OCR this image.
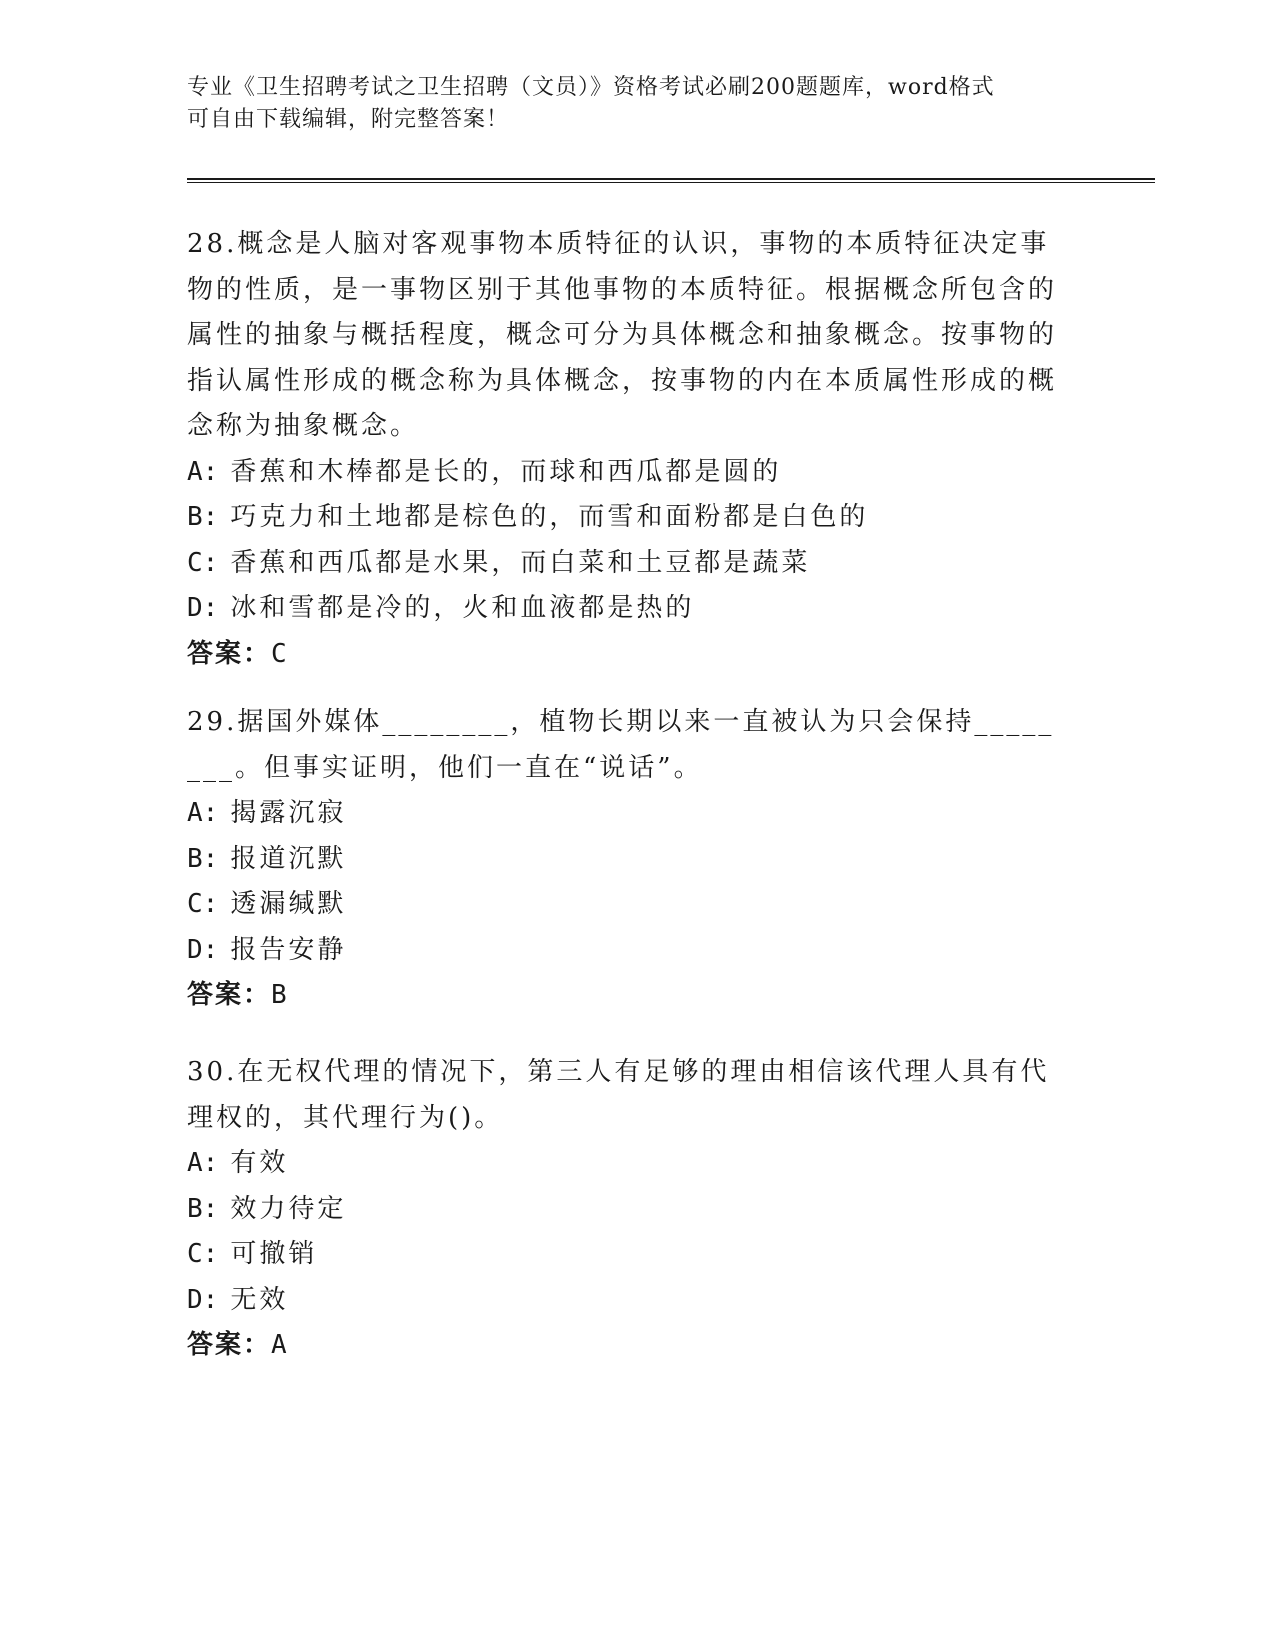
专业《卫生招聘考试之卫生招聘（文员）》资格考试必刷200题题库，word格式
可自由下载编辑，附完整答案！

28.概念是人脑对客观事物本质特征的认识，事物的本质特征决定事物的性质，是一事物区别于其他事物的本质特征。根据概念所包含的属性的抽象与概括程度，概念可分为具体概念和抽象概念。按事物的指认属性形成的概念称为具体概念，按事物的内在本质属性形成的概念称为抽象概念。

A: 香蕉和木棒都是长的，而球和西瓜都是圆的

B: 巧克力和土地都是棕色的，而雪和面粉都是白色的

C: 香蕉和西瓜都是水果，而白菜和土豆都是蔬菜

D: 冰和雪都是冷的，火和血液都是热的

答案：C

29.据国外媒体________，植物长期以来一直被认为只会保持________。但事实证明，他们一直在“说话”。

A: 揭露沉寂

B: 报道沉默

C: 透漏缄默

D: 报告安静

答案：B

30.在无权代理的情况下，第三人有足够的理由相信该代理人具有代理权的，其代理行为()。

A: 有效

B: 效力待定

C: 可撤销

D: 无效

答案：A
